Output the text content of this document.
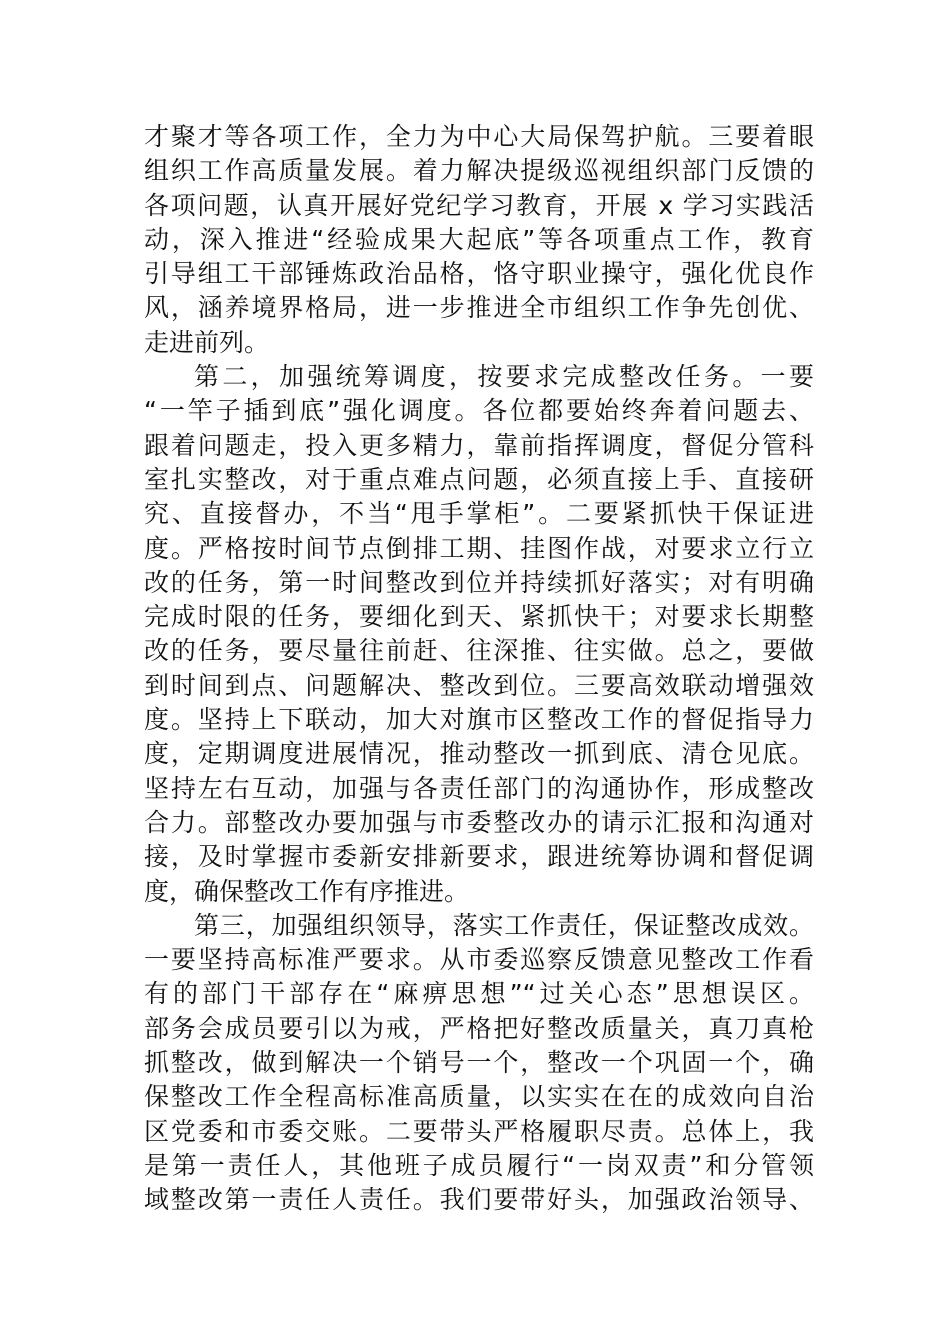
才聚才等各项工作，全力为中心大局保驾护航。三要着眼
组织工作高质量发展。着力解决提级巡视组织部门反馈的
各项问题，认真开展好党纪学习教育，开展 x 学习实践活
动，深入推进“经验成果大起底”等各项重点工作，教育
引导组工干部锤炼政治品格，恪守职业操守，强化优良作
风，涵养境界格局，进一步推进全市组织工作争先创优、
走进前列。
第二，加强统筹调度，按要求完成整改任务。一要
“一竿子插到底”强化调度。各位都要始终奔着问题去、
跟着问题走，投入更多精力，靠前指挥调度，督促分管科
室扎实整改，对于重点难点问题，必须直接上手、直接研
究、直接督办，不当“甩手掌柜”。二要紧抓快干保证进
度。严格按时间节点倒排工期、挂图作战，对要求立行立
改的任务，第一时间整改到位并持续抓好落实；对有明确
完成时限的任务，要细化到天、紧抓快干；对要求长期整
改的任务，要尽量往前赶、往深推、往实做。总之，要做
到时间到点、问题解决、整改到位。三要高效联动增强效
度。坚持上下联动，加大对旗市区整改工作的督促指导力
度，定期调度进展情况，推动整改一抓到底、清仓见底。
坚持左右互动，加强与各责任部门的沟通协作，形成整改
合力。部整改办要加强与市委整改办的请示汇报和沟通对
接，及时掌握市委新安排新要求，跟进统筹协调和督促调
度，确保整改工作有序推进。
第三，加强组织领导，落实工作责任，保证整改成效。
一要坚持高标准严要求。从市委巡察反馈意见整改工作看
有的部门干部存在“麻痹思想”“过关心态”思想误区。
部务会成员要引以为戒，严格把好整改质量关，真刀真枪
抓整改，做到解决一个销号一个，整改一个巩固一个，确
保整改工作全程高标准高质量，以实实在在的成效向自治
区党委和市委交账。二要带头严格履职尽责。总体上，我
是第一责任人，其他班子成员履行“一岗双责”和分管领
域整改第一责任人责任。我们要带好头，加强政治领导、
